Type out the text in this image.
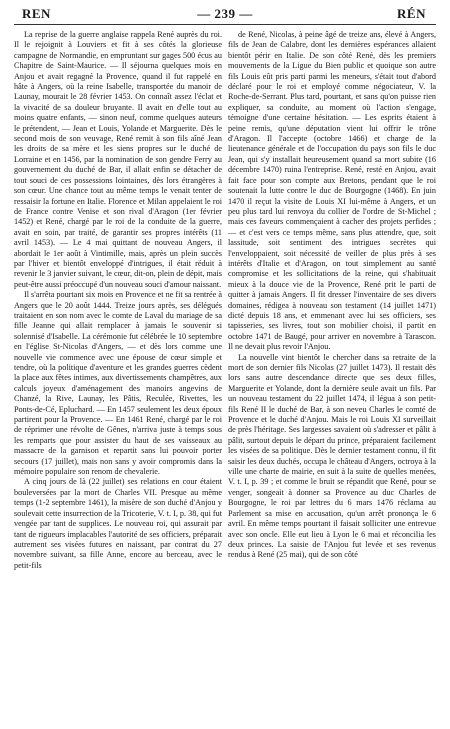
REN	— 239 —	RÉN

La reprise de la guerre anglaise rappela René auprès du roi. Il le rejoignit à Louviers et fit à ses côtés la glorieuse campagne de Normandie, en empruntant sur gages 500 écus au Chapitre de Saint-Maurice. — Il séjourna quelques mois en Anjou et avait regagné la Provence, quand il fut rappelé en hâte à Angers, où la reine Isabelle, transportée du manoir de Launay, mourait le 28 février 1453. On connaît assez l'éclat et la vivacité de sa douleur bruyante. Il avait en d'elle tout au moins quatre enfants, — sinon neuf, comme quelques auteurs le prétendent, — Jean et Louis, Yolande et Marguerite. Dès le second mois de son veuvage, René remit à son fils aîné Jean les droits de sa mère et les siens propres sur le duché de Lorraine et en 1456, par la nomination de son gendre Ferry au gouvernement du duché de Bar, il allait enfin se détacher de tout souci de ces possessions lointaines, dès lors étrangères à son cœur. Une chance tout au même temps le venait tenter de ressaisir la fortune en Italie. Florence et Milan appelaient le roi de France contre Venise et son rival d'Aragon (1er février 1452) et René, chargé par le roi de la conduite de la guerre, avait en soin, par traité, de garantir ses propres intérêts (11 avril 1453). — Le 4 mai quittant de nouveau Angers, il abordait le 1er août à Vintimille, mais, après un plein succès par l'hiver et bientôt enveloppé d'intrigues, il était réduit à revenir le 3 janvier suivant, le cœur, dit-on, plein de dépit, mais peut-être aussi préoccupé d'un nouveau souci d'amour naissant.

Il s'arrêta pourtant six mois en Provence et ne fit sa rentrée à Angers que le 20 août 1444. Treize jours après, ses délégués traitaient en son nom avec le comte de Laval du mariage de sa fille Jeanne qui allait remplacer à jamais le souvenir si solennisé d'Isabelle. La cérémonie fut célébrée le 10 septembre en l'église St-Nicolas d'Angers, — et dès lors comme une nouvelle vie commence avec une épouse de cœur simple et tendre, où la politique d'aventure et les grandes guerres cèdent la place aux fêtes intimes, aux divertissements champêtres, aux calculs joyeux d'aménagement des manoirs angevins de Chanzé, la Rive, Launay, les Pâtis, Reculée, Rivettes, les Ponts-de-Cé, Epluchard. — En 1457 seulement les deux époux partirent pour la Provence. — En 1461 René, chargé par le roi de réprimer une révolte de Gênes, n'arriva juste à temps sous les remparts que pour assister du haut de ses vaisseaux au massacre de la garnison et repartit sans lui pouvoir porter secours (17 juillet), mais non sans y avoir compromis dans la mémoire populaire son renom de chevalerie.

A cinq jours de là (22 juillet) ses relations en cour étaient bouleversées par la mort de Charles VII. Presque au même temps (1-2 septembre 1461), la misère de son duché d'Anjou y soulevait cette insurrection de la Tricoterie, V. t. I, p. 38, qui fut vengée par tant de supplices. Le nouveau roi, qui assurait par tant de rigueurs implacables l'autorité de ses officiers, préparait autrement ses visées futures en naissant, par contrat du 27 novembre suivant, sa fille Anne, encore au berceau, avec le petit-fils

de René, Nicolas, à peine âgé de treize ans, élevé à Angers, fils de Jean de Calabre, dont les dernières espérances allaient bientôt périr en Italie. De son côté René, dès les premiers mouvements de la Ligue du Bien public et quoique son autre fils Louis eût pris parti parmi les meneurs, s'était tout d'abord déclaré pour le roi et employé comme négociateur, V. la Roche-de-Serrant. Plus tard, pourtant, et sans qu'on puisse rien expliquer, sa conduite, au moment où l'action s'engage, témoigne d'une certaine hésitation. — Les esprits étaient à peine remis, qu'une députation vient lui offrir le trône d'Aragon. Il l'accepte (octobre 1466) et charge de la lieutenance générale et de l'occupation du pays son fils le duc Jean, qui s'y installait heureusement quand sa mort subite (16 décembre 1470) ruina l'entreprise. René, resté en Anjou, avait fait face pour son compte aux Bretons, pendant que le roi soutenait la lutte contre le duc de Bourgogne (1468). En juin 1470 il reçut la visite de Louis XI lui-même à Angers, et un peu plus tard lui renvoya du collier de l'ordre de St-Michel ; mais ces faveurs commençaient à cacher des projets perfides ; — et c'est vers ce temps même, sans plus attendre, que, soit lassitude, soit sentiment des intrigues secrètes qui l'enveloppaient, soit nécessité de veiller de plus près à ses intérêts d'Italie et d'Aragon, on tout simplement au santé compromise et les sollicitations de la reine, qui s'habituait mieux à la douce vie de la Provence, René prit le parti de quitter à jamais Angers. Il fit dresser l'inventaire de ses divers domaines, rédigea à nouveau son testament (14 juillet 1471) dicté depuis 18 ans, et emmenant avec lui ses officiers, ses tapisseries, ses livres, tout son mobilier choisi, il partit en octobre 1471 de Baugé, pour arriver en novembre à Tarascon. Il ne devait plus revoir l'Anjou.

La nouvelle vint bientôt le chercher dans sa retraite de la mort de son dernier fils Nicolas (27 juillet 1473). Il restait dès lors sans autre descendance directe que ses deux filles, Marguerite et Yolande, dont la dernière seule avait un fils. Par un nouveau testament du 22 juillet 1474, il légua à son petit-fils René II le duché de Bar, à son neveu Charles le comté de Provence et le duché d'Anjou. Mais le roi Louis XI surveillait de près l'héritage. Ses largesses savaient où s'adresser et pâlit à pâlit, surtout depuis le départ du prince, préparaient facilement les visées de sa politique. Dès le dernier testament connu, il fit saisir les deux duchés, occupa le château d'Angers, octroya à la ville une charte de mairie, en suit à la suite de quelles menées, V. t. I, p. 39 ; et comme le bruit se répandit que René, pour se venger, songeait à donner sa Provence au duc Charles de Bourgogne, le roi par lettres du 6 mars 1476 réclama au Parlement sa mise en accusation, qu'un arrêt prononça le 6 avril. En même temps pourtant il faisait solliciter une entrevue avec son oncle. Elle eut lieu à Lyon le 6 mai et réconcilia les deux princes. La saisie de l'Anjou fut levée et ses revenus rendus à René (25 mai), qui de son côté
